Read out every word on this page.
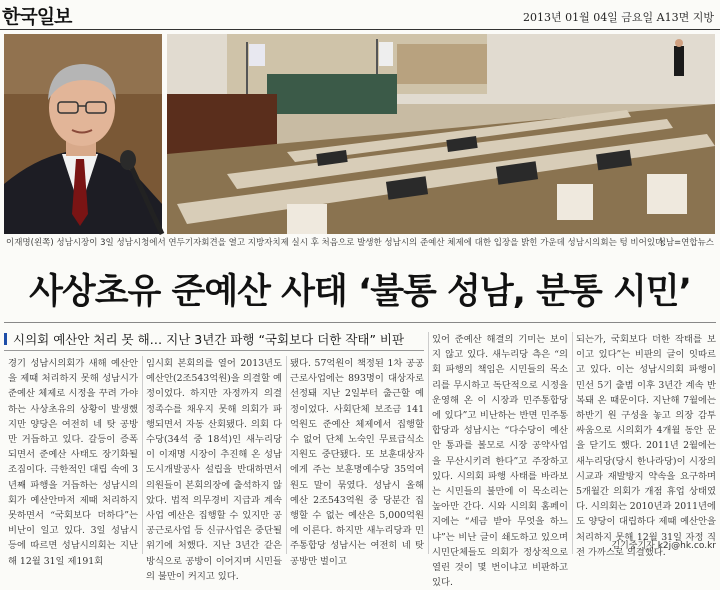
한국일보	2013년 01월 04일 금요일 A13면 지방
이재명(왼쪽) 성남시장이 3일 성남시청에서 연두기자회견을 열고 지방자치제 실시 후 처음으로 발생한 성남시의 준예산 체제에 대한 입장을 밝힌 가운데 성남시의회는 텅 비어있다.
성남=연합뉴스
사상초유 준예산 사태 ‘불통 성남, 분통 시민’
시의회 예산안 처리 못 해… 지난 3년간 파행 “국회보다 더한 작태” 비판
경기 성남시의회가 새해 예산안을 제때 처리하지 못해 성남시가 준예산 체제로 시정을 꾸려 가야 하는 사상초유의 상황이 발생했지만 양당은 여전히 네 탓 공방만 거듭하고 있다. 갈등이 증폭되면서 준예산 사태도 장기화될 조짐이다. 극한적인 대립 속에 3년째 파행을 거듭하는 성남시의회가 예산안마저 제때 처리하지 못하면서 “국회보다 더하다”는 비난이 일고 있다. 3일 성남시 등에 따르면 성남시의회는 지난해 12월 31일 제191회
임시회 본회의를 열어 2013년도 예산안(2조543억원)을 의결할 예정이었다. 하지만 자정까지 의결 정족수를 채우지 못해 의회가 파행되면서 자동 산회됐다. 의회 다수당(34석 중 18석)인 새누리당이 이재명 시장이 추진해 온 성남도시개발공사 설립을 반대하면서 의원들이 본회의장에 출석하지 않았다. 법적 의무경비 지급과 계속 사업 예산은 집행할 수 있지만 공공근로사업 등 신규사업은 중단될 위기에 처했다. 지난 3년간 같은 방식으로 공방이 이어지며 시민들의 불만이 커지고 있다.
됐다. 57억원이 책정된 1차 공공근로사업에는 893명이 대상자로 선정돼 지난 2일부터 출근할 예정이었다. 사회단체 보조금 141억원도 준예산 체제에서 집행할 수 없어 단체 노숙인 무료급식소 지원도 중단됐다. 또 보훈대상자에게 주는 보훈명예수당 35억여원도 말이 묶였다. 성남시 올해 예산 2조543억원 중 당분간 집행할 수 없는 예산은 5,000억원에 이른다. 하지만 새누리당과 민주통합당 성남시는 여전히 네 탓 공방만 벌이고
있어 준예산 해결의 기미는 보이지 않고 있다. 새누리당 측은 “의회 파행의 책임은 시민들의 목소리를 무시하고 독단적으로 시정을 운영해 온 이 시장과 민주통합당에 있다”고 비난하는 반면 민주통합당과 성남시는 “다수당이 예산안 통과를 볼모로 시장 공약사업을 무산시키려 한다”고 주장하고 있다. 시의회 파행 사태를 바라보는 시민들의 불만에 이 목소리는 높아만 간다. 시와 시의회 홈페이지에는 “세금 받아 무엇을 하느냐”는 비난 글이 쇄도하고 있으며 시민단체들도 의회가 정상적으로 열린 것이 몇 번이냐고 비판하고 있다.
되는가, 국회보다 더한 작태를 보이고 있다”는 비판의 글이 잇따르고 있다. 이는 성남시의회 파행이 민선 5기 출범 이후 3년간 계속 반복돼 온 때문이다. 지난해 7월에는 하반기 원 구성을 놓고 의장 감투 싸움으로 시의회가 4개월 동안 문을 닫기도 했다. 2011년 2월에는 새누리당(당시 한나라당)이 시장의 시교과 재발방지 약속을 요구하며 5개월간 의회가 개점 휴업 상태였다. 시의회는 2010년과 2011년에도 양당이 대립하다 제때 예산안을 처리하지 못해 12월 31일 자정 직전 가까스로 의결했다.
김기중기자 k2j@hk.co.kr
